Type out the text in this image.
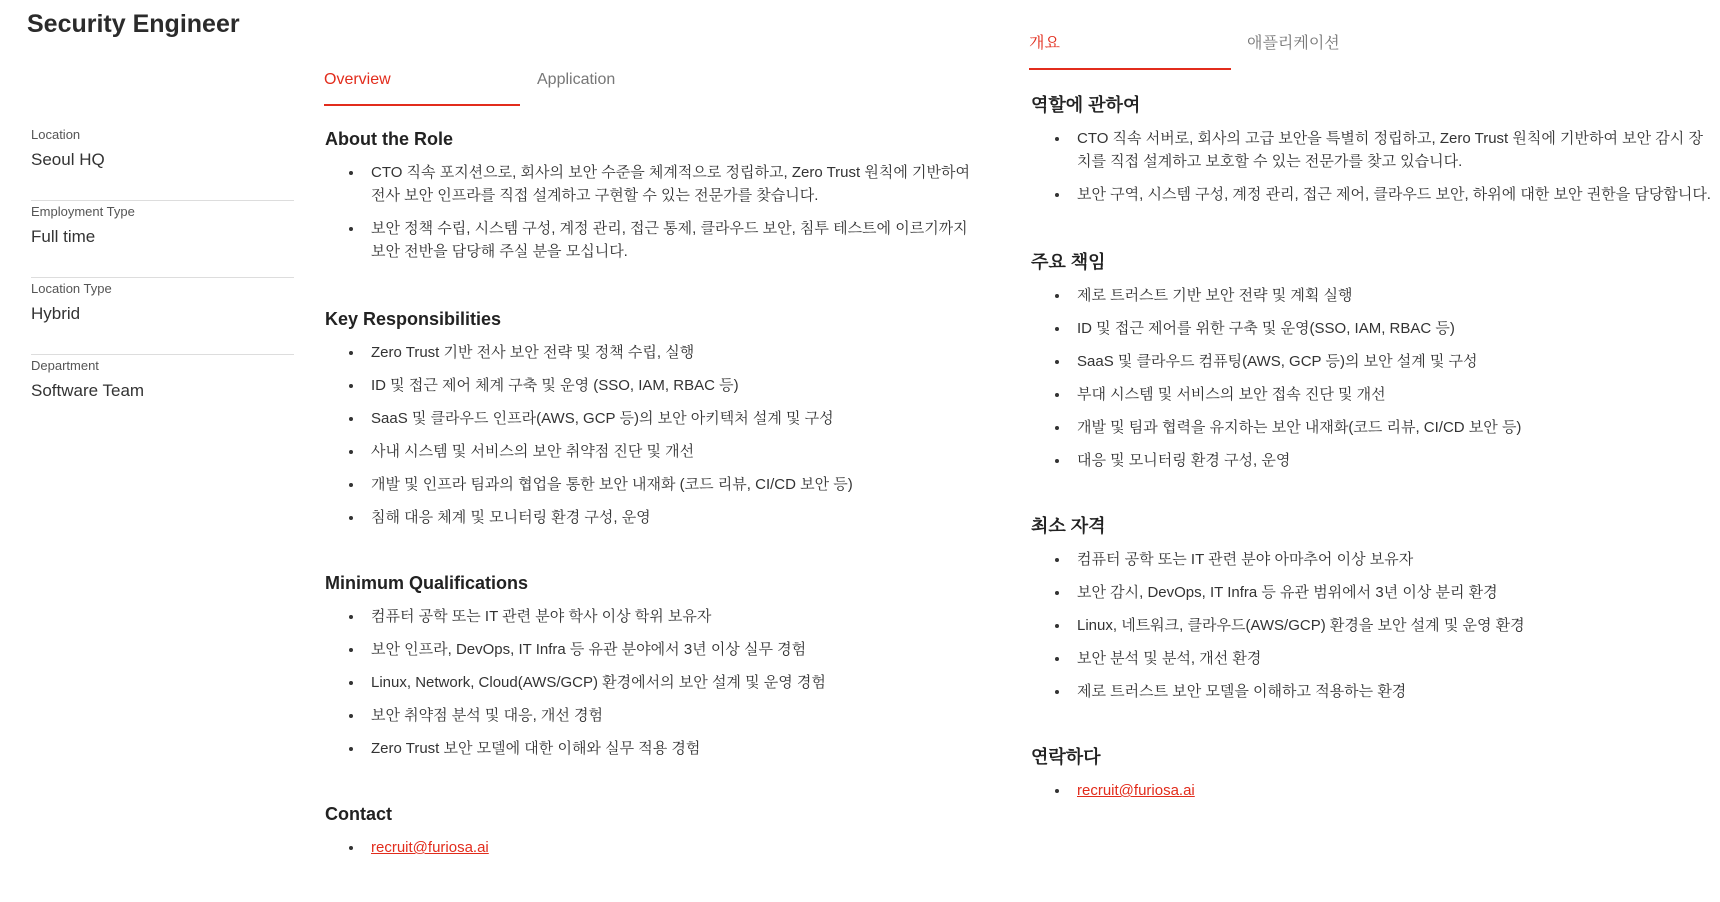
Security Engineer
Location
Seoul HQ
Employment Type
Full time
Location Type
Hybrid
Department
Software Team
Overview	Application
개요	애플리케이션
About the Role
CTO 직속 포지션으로, 회사의 보안 수준을 체계적으로 정립하고, Zero Trust 원칙에 기반하여 전사 보안 인프라를 직접 설계하고 구현할 수 있는 전문가를 찾습니다.
보안 정책 수립, 시스템 구성, 계정 관리, 접근 통제, 클라우드 보안, 침투 테스트에 이르기까지 보안 전반을 담당해 주실 분을 모십니다.
Key Responsibilities
Zero Trust 기반 전사 보안 전략 및 정책 수립, 실행
ID 및 접근 제어 체계 구축 및 운영 (SSO, IAM, RBAC 등)
SaaS 및 클라우드 인프라(AWS, GCP 등)의 보안 아키텍처 설계 및 구성
사내 시스템 및 서비스의 보안 취약점 진단 및 개선
개발 및 인프라 팀과의 협업을 통한 보안 내재화 (코드 리뷰, CI/CD 보안 등)
침해 대응 체계 및 모니터링 환경 구성, 운영
Minimum Qualifications
컴퓨터 공학 또는 IT 관련 분야 학사 이상 학위 보유자
보안 인프라, DevOps, IT Infra 등 유관 분야에서 3년 이상 실무 경험
Linux, Network, Cloud(AWS/GCP) 환경에서의 보안 설계 및 운영 경험
보안 취약점 분석 및 대응, 개선 경험
Zero Trust 보안 모델에 대한 이해와 실무 적용 경험
Contact
recruit@furiosa.ai
역할에 관하여
CTO 직속 서버로, 회사의 고급 보안을 특별히 정립하고, Zero Trust 원칙에 기반하여 보안 감시 장치를 직접 설계하고 보호할 수 있는 전문가를 찾고 있습니다.
보안 구역, 시스템 구성, 계정 관리, 접근 제어, 클라우드 보안, 하위에 대한 보안 권한을 담당합니다.
주요 책임
제로 트러스트 기반 보안 전략 및 계획 실행
ID 및 접근 제어를 위한 구축 및 운영(SSO, IAM, RBAC 등)
SaaS 및 클라우드 컴퓨팅(AWS, GCP 등)의 보안 설계 및 구성
부대 시스템 및 서비스의 보안 접속 진단 및 개선
개발 및 팀과 협력을 유지하는 보안 내재화(코드 리뷰, CI/CD 보안 등)
대응 및 모니터링 환경 구성, 운영
최소 자격
컴퓨터 공학 또는 IT 관련 분야 아마추어 이상 보유자
보안 감시, DevOps, IT Infra 등 유관 범위에서 3년 이상 분리 환경
Linux, 네트워크, 클라우드(AWS/GCP) 환경을 보안 설계 및 운영 환경
보안 분석 및 분석, 개선 환경
제로 트러스트 보안 모델을 이해하고 적용하는 환경
연락하다
recruit@furiosa.ai
